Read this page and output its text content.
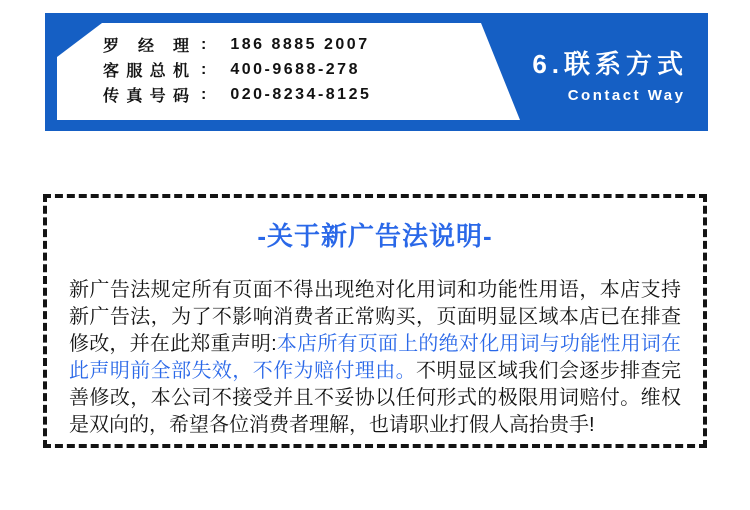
罗经理 : 186 8885 2007
客服总机 : 400-9688-278
传真号码 : 020-8234-8125
6.联系方式
Contact Way
-关于新广告法说明-
新广告法规定所有页面不得出现绝对化用词和功能性用语，本店支持新广告法，为了不影响消费者正常购买，页面明显区域本店已在排查修改，并在此郑重声明:本店所有页面上的绝对化用词与功能性用词在此声明前全部失效，不作为赔付理由。不明显区域我们会逐步排查完善修改，本公司不接受并且不妥协以任何形式的极限用词赔付。维权是双向的，希望各位消费者理解，也请职业打假人高抬贵手!
